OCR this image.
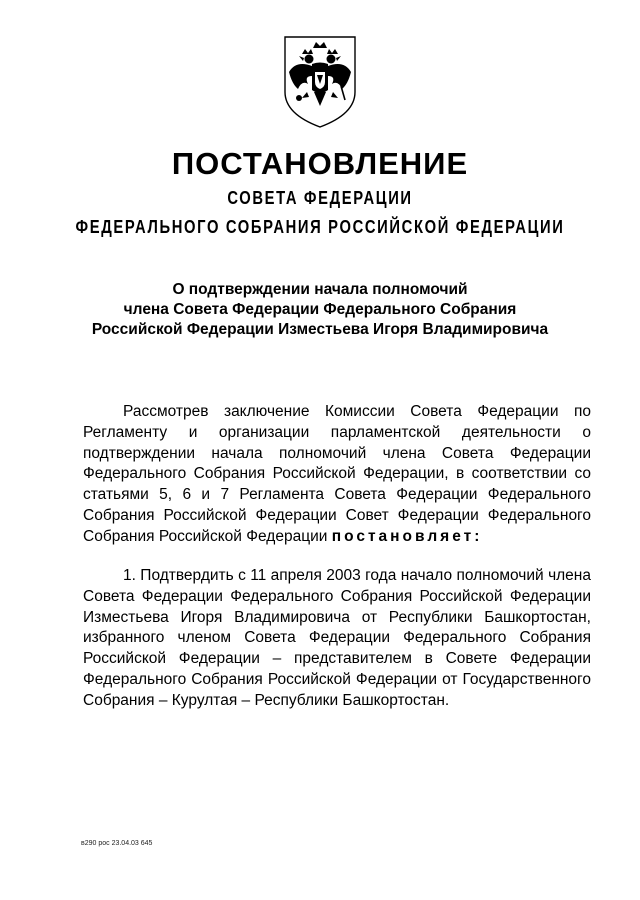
ПОСТАНОВЛЕНИЕ
СОВЕТА ФЕДЕРАЦИИ
ФЕДЕРАЛЬНОГО СОБРАНИЯ РОССИЙСКОЙ ФЕДЕРАЦИИ
О подтверждении начала полномочий
члена Совета Федерации Федерального Собрания
Российской Федерации Изместьева Игоря Владимировича

Рассмотрев заключение Комиссии Совета Федерации по Регламенту и организации парламентской деятельности о подтверждении начала полномочий члена Совета Федерации Федерального Собрания Российской Федерации, в соответствии со статьями 5, 6 и 7 Регламента Совета Федерации Федерального Собрания Российской Федерации Совет Федерации Федерального Собрания Российской Федерации постановляет:

1. Подтвердить с 11 апреля 2003 года начало полномочий члена Совета Федерации Федерального Собрания Российской Федерации Изместьева Игоря Владимировича от Республики Башкортостан, избранного членом Совета Федерации Федерального Собрания Российской Федерации – представителем в Совете Федерации Федерального Собрания Российской Федерации от Государственного Собрания – Курултая – Республики Башкортостан.

в290 рос 23.04.03 645
